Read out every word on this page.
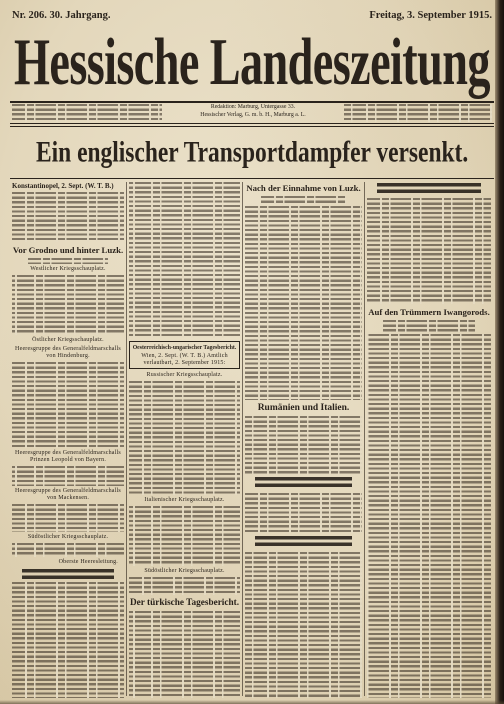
Nr. 206. 30. Jahrgang.	Freitag, 3. September 1915.
Hessische Landeszeitung
Redaktion: Marburg, Untergasse 33.
Hessischer Verlag, G. m. b. H., Marburg a. L.
Ein englischer Transportdampfer versenkt.
Konstantinopel, 2. Sept. (W. T. B.)
Vor Grodno und hinter Luzk.
Westlicher Kriegsschauplatz.
Östlicher Kriegsschauplatz.
Heeresgruppe des Generalfeldmarschalls von Hindenburg.
Heeresgruppe des Generalfeldmarschalls Prinzen Leopold von Bayern.
Heeresgruppe des Generalfeldmarschalls von Mackensen.
Südöstlicher Kriegsschauplatz.
Oberste Heeresleitung.
Oesterreichisch-ungarischer Tagesbericht.
Wien, 2. Sept. (W. T. B.) Amtlich verlautbart, 2. September 1915:
Russischer Kriegsschauplatz.
Italienischer Kriegsschauplatz.
Südöstlicher Kriegsschauplatz.
Der türkische Tagesbericht.
Nach der Einnahme von Luzk.
Rumänien und Italien.
Auf den Trümmern Iwangorods.
